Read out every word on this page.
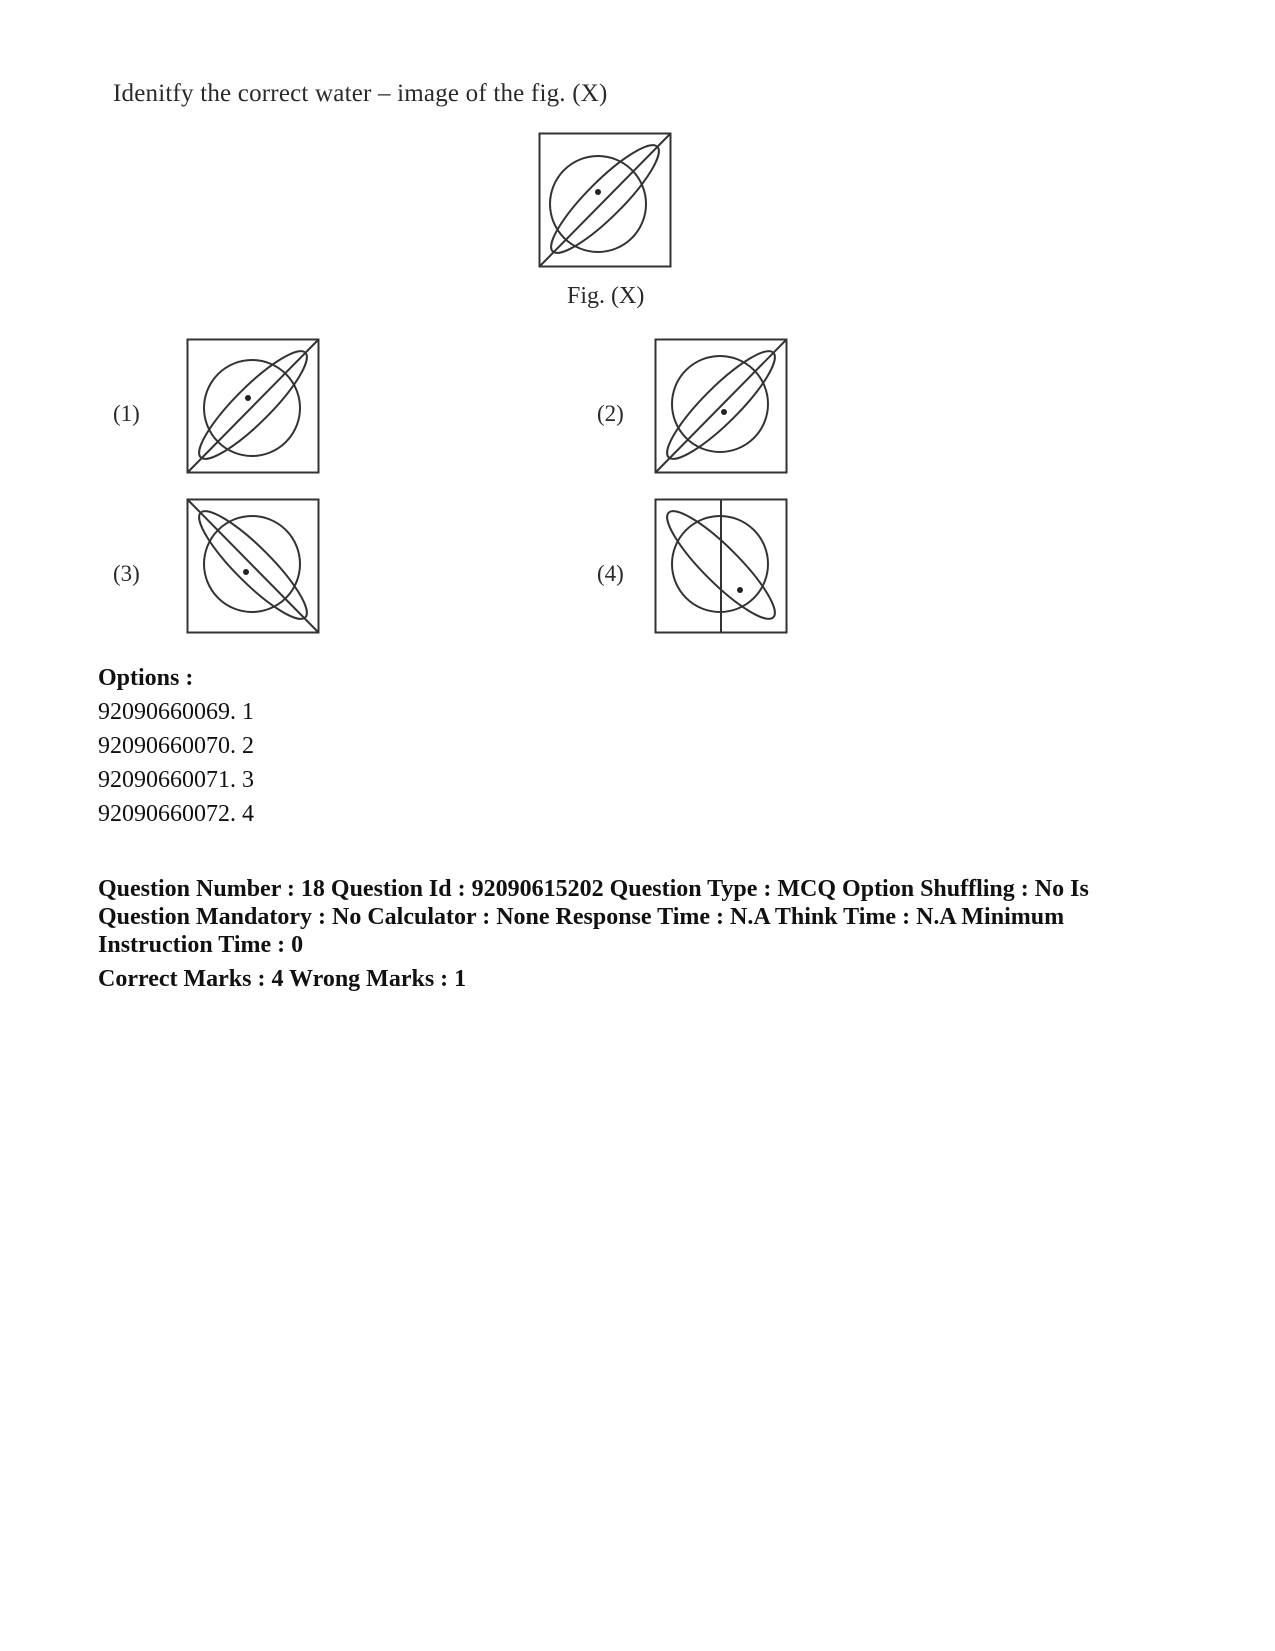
Idenitfy the correct water – image of the fig. (X)
Fig. (X)
(1)	(2)
(3)	(4)
Options :
92090660069. 1
92090660070. 2
92090660071. 3
92090660072. 4
Question Number : 18 Question Id : 92090615202 Question Type : MCQ Option Shuffling : No Is Question Mandatory : No Calculator : None Response Time : N.A Think Time : N.A Minimum Instruction Time : 0
Correct Marks : 4 Wrong Marks : 1
